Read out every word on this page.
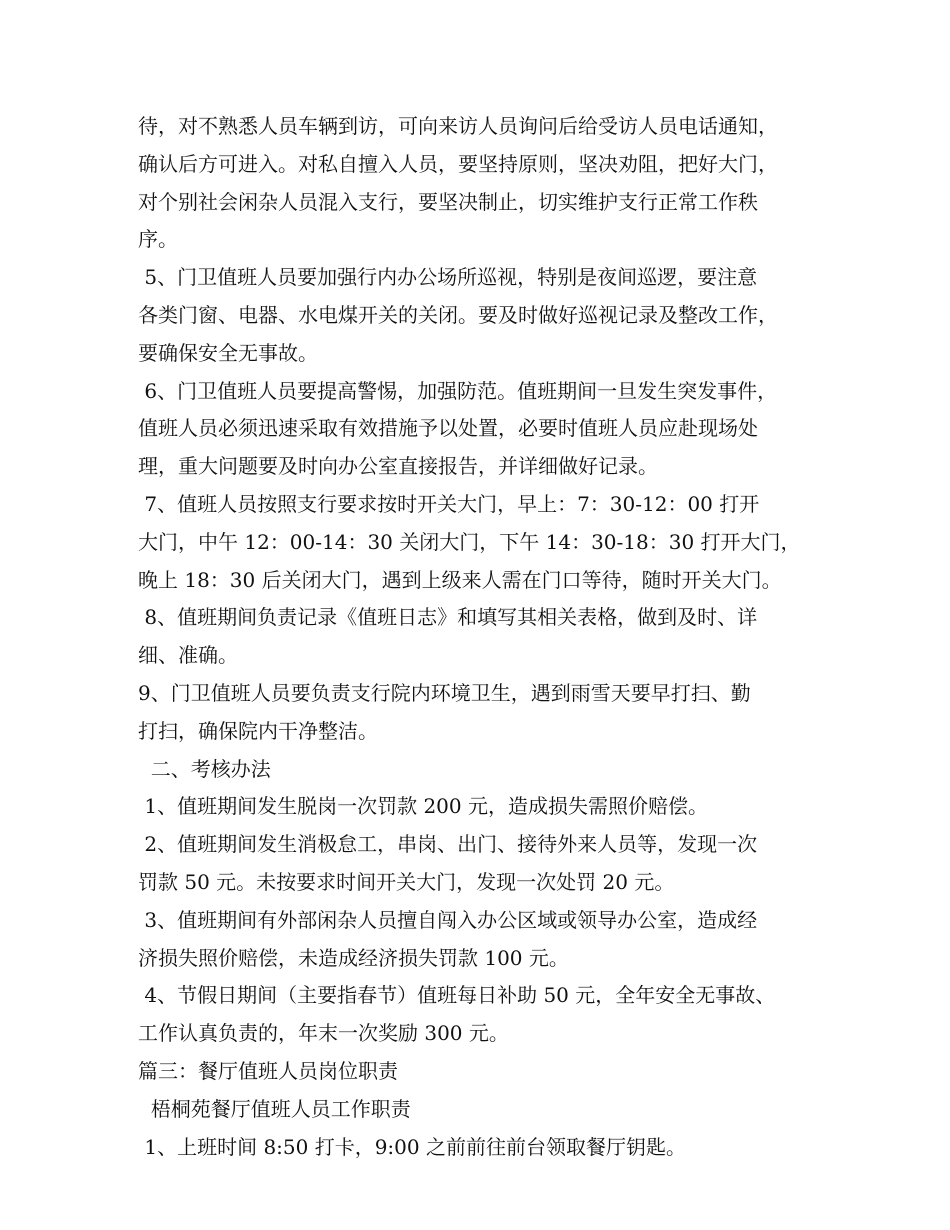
待，对不熟悉人员车辆到访，可向来访人员询问后给受访人员电话通知，
确认后方可进入。对私自擅入人员，要坚持原则，坚决劝阻，把好大门，
对个别社会闲杂人员混入支行，要坚决制止，切实维护支行正常工作秩
序。
5、门卫值班人员要加强行内办公场所巡视，特别是夜间巡逻，要注意
各类门窗、电器、水电煤开关的关闭。要及时做好巡视记录及整改工作，
要确保安全无事故。
6、门卫值班人员要提高警惕，加强防范。值班期间一旦发生突发事件，
值班人员必须迅速采取有效措施予以处置，必要时值班人员应赴现场处
理，重大问题要及时向办公室直接报告，并详细做好记录。
7、值班人员按照支行要求按时开关大门，早上：7：30-12：00 打开
大门，中午 12：00-14：30 关闭大门，下午 14：30-18：30 打开大门，
晚上 18：30 后关闭大门，遇到上级来人需在门口等待，随时开关大门。
8、值班期间负责记录《值班日志》和填写其相关表格，做到及时、详
细、准确。
9、门卫值班人员要负责支行院内环境卫生，遇到雨雪天要早打扫、勤
打扫，确保院内干净整洁。
二、考核办法
1、值班期间发生脱岗一次罚款 200 元，造成损失需照价赔偿。
2、值班期间发生消极怠工，串岗、出门、接待外来人员等，发现一次
罚款 50 元。未按要求时间开关大门，发现一次处罚 20 元。
3、值班期间有外部闲杂人员擅自闯入办公区域或领导办公室，造成经
济损失照价赔偿，未造成经济损失罚款 100 元。
4、节假日期间（主要指春节）值班每日补助 50 元，全年安全无事故、
工作认真负责的，年末一次奖励 300 元。
篇三：餐厅值班人员岗位职责
梧桐苑餐厅值班人员工作职责
1、上班时间 8:50 打卡，9:00 之前前往前台领取餐厅钥匙。
